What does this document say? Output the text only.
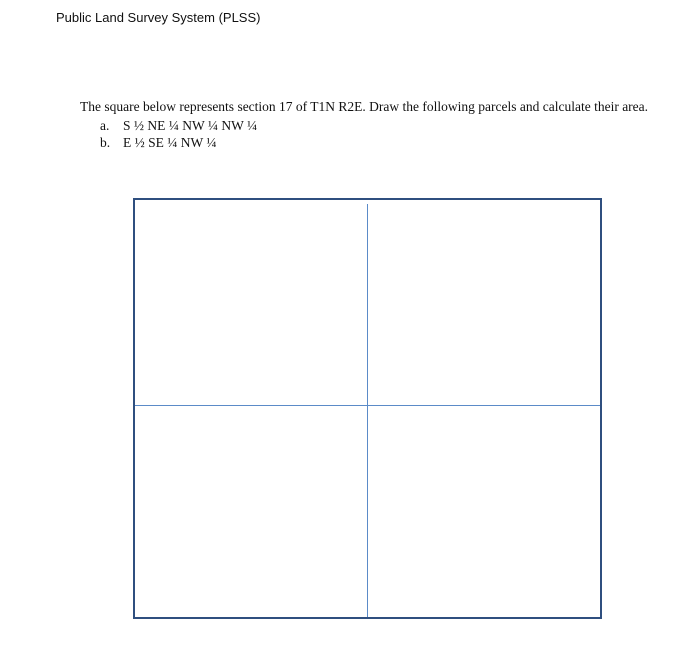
Public Land Survey System (PLSS)

The square below represents section 17 of T1N R2E. Draw the following parcels and calculate their area.

a.	S ½ NE ¼ NW ¼ NW ¼
b. E ½ SE ¼ NW ¼
